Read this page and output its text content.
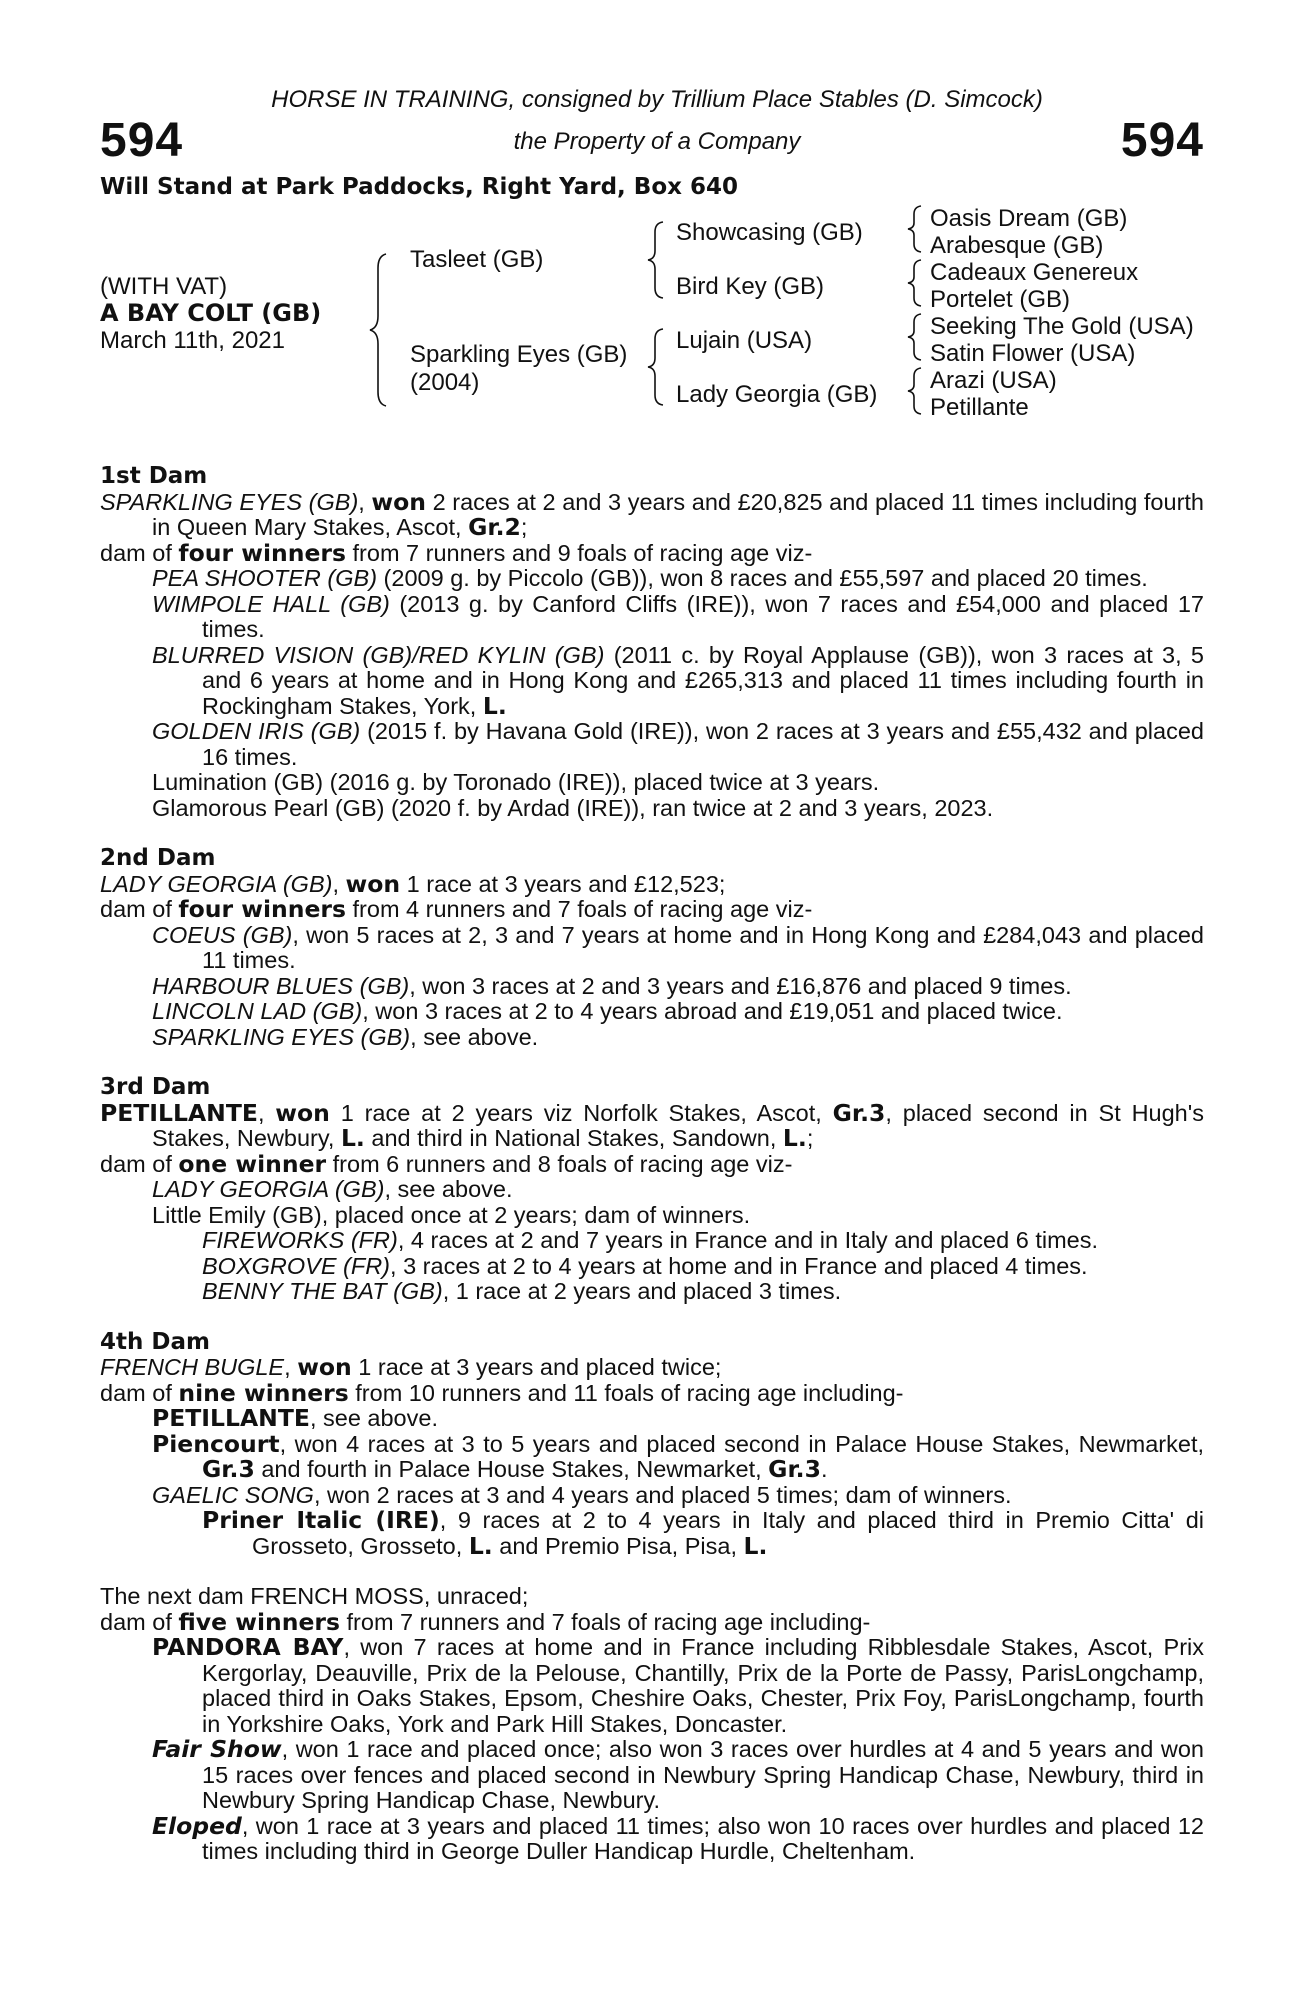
HORSE IN TRAINING, consigned by Trillium Place Stables (D. Simcock)
the Property of a Company
594	594
Will Stand at Park Paddocks, Right Yard, Box 640
(WITH VAT)
A BAY COLT (GB)
March 11th, 2021
Tasleet (GB)
Sparkling Eyes (GB)
(2004)
Showcasing (GB)
Bird Key (GB)
Lujain (USA)
Lady Georgia (GB)
Oasis Dream (GB)
Arabesque (GB)
Cadeaux Genereux
Portelet (GB)
Seeking The Gold (USA)
Satin Flower (USA)
Arazi (USA)
Petillante

1st Dam

SPARKLING EYES (GB), won 2 races at 2 and 3 years and £20,825 and placed 11 times including fourth in Queen Mary Stakes, Ascot, Gr.2;

dam of four winners from 7 runners and 9 foals of racing age viz-

PEA SHOOTER (GB) (2009 g. by Piccolo (GB)), won 8 races and £55,597 and placed 20 times.

WIMPOLE HALL (GB) (2013 g. by Canford Cliffs (IRE)), won 7 races and £54,000 and placed 17 times.

BLURRED VISION (GB)/RED KYLIN (GB) (2011 c. by Royal Applause (GB)), won 3 races at 3, 5 and 6 years at home and in Hong Kong and £265,313 and placed 11 times including fourth in Rockingham Stakes, York, L.

GOLDEN IRIS (GB) (2015 f. by Havana Gold (IRE)), won 2 races at 3 years and £55,432 and placed 16 times.

Lumination (GB) (2016 g. by Toronado (IRE)), placed twice at 3 years.

Glamorous Pearl (GB) (2020 f. by Ardad (IRE)), ran twice at 2 and 3 years, 2023.

2nd Dam

LADY GEORGIA (GB), won 1 race at 3 years and £12,523;

dam of four winners from 4 runners and 7 foals of racing age viz-

COEUS (GB), won 5 races at 2, 3 and 7 years at home and in Hong Kong and £284,043 and placed 11 times.

HARBOUR BLUES (GB), won 3 races at 2 and 3 years and £16,876 and placed 9 times.

LINCOLN LAD (GB), won 3 races at 2 to 4 years abroad and £19,051 and placed twice.

SPARKLING EYES (GB), see above.

3rd Dam

PETILLANTE, won 1 race at 2 years viz Norfolk Stakes, Ascot, Gr.3, placed second in St Hugh's Stakes, Newbury, L. and third in National Stakes, Sandown, L.;

dam of one winner from 6 runners and 8 foals of racing age viz-

LADY GEORGIA (GB), see above.

Little Emily (GB), placed once at 2 years; dam of winners.

FIREWORKS (FR), 4 races at 2 and 7 years in France and in Italy and placed 6 times.

BOXGROVE (FR), 3 races at 2 to 4 years at home and in France and placed 4 times.

BENNY THE BAT (GB), 1 race at 2 years and placed 3 times.

4th Dam

FRENCH BUGLE, won 1 race at 3 years and placed twice;

dam of nine winners from 10 runners and 11 foals of racing age including-

PETILLANTE, see above.

Piencourt, won 4 races at 3 to 5 years and placed second in Palace House Stakes, Newmarket, Gr.3 and fourth in Palace House Stakes, Newmarket, Gr.3.

GAELIC SONG, won 2 races at 3 and 4 years and placed 5 times; dam of winners.

Priner Italic (IRE), 9 races at 2 to 4 years in Italy and placed third in Premio Citta' di Grosseto, Grosseto, L. and Premio Pisa, Pisa, L.

The next dam FRENCH MOSS, unraced;

dam of five winners from 7 runners and 7 foals of racing age including-

PANDORA BAY, won 7 races at home and in France including Ribblesdale Stakes, Ascot, Prix Kergorlay, Deauville, Prix de la Pelouse, Chantilly, Prix de la Porte de Passy, ParisLongchamp, placed third in Oaks Stakes, Epsom, Cheshire Oaks, Chester, Prix Foy, ParisLongchamp, fourth in Yorkshire Oaks, York and Park Hill Stakes, Doncaster.

Fair Show, won 1 race and placed once; also won 3 races over hurdles at 4 and 5 years and won 15 races over fences and placed second in Newbury Spring Handicap Chase, Newbury, third in Newbury Spring Handicap Chase, Newbury.

Eloped, won 1 race at 3 years and placed 11 times; also won 10 races over hurdles and placed 12 times including third in George Duller Handicap Hurdle, Cheltenham.
